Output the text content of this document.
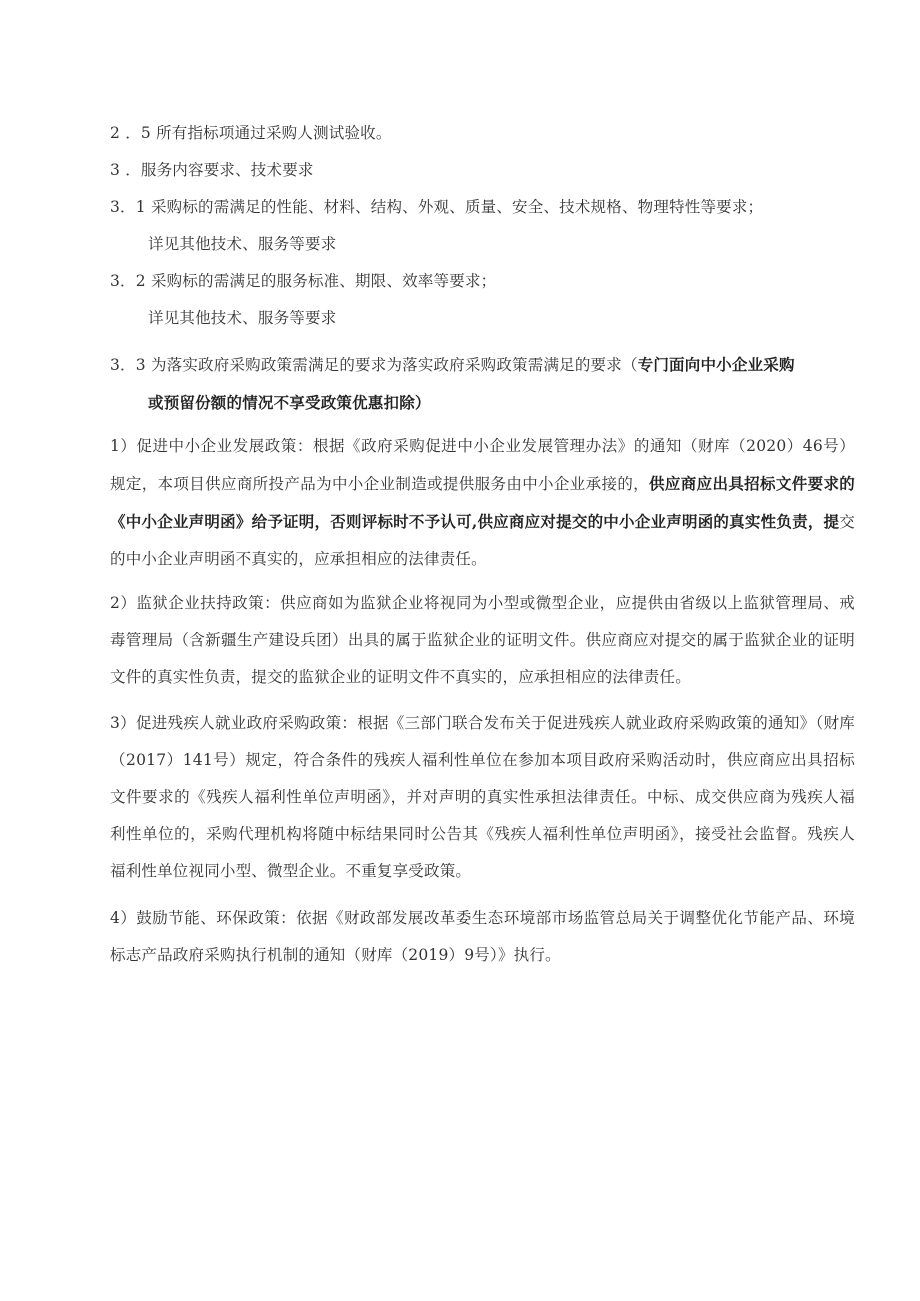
2 ．5 所有指标项通过采购人测试验收。
3 ．服务内容要求、技术要求
3．1 采购标的需满足的性能、材料、结构、外观、质量、安全、技术规格、物理特性等要求；
详见其他技术、服务等要求
3．2 采购标的需满足的服务标准、期限、效率等要求；
详见其他技术、服务等要求
3．3 为落实政府采购政策需满足的要求为落实政府采购政策需满足的要求（专门面向中小企业采购
或预留份额的情况不享受政策优惠扣除）
1）促进中小企业发展政策：根据《政府采购促进中小企业发展管理办法》的通知（财库（2020）46号）规定，本项目供应商所投产品为中小企业制造或提供服务由中小企业承接的，供应商应出具招标文件要求的《中小企业声明函》给予证明，否则评标时不予认可,供应商应对提交的中小企业声明函的真实性负责，提交的中小企业声明函不真实的，应承担相应的法律责任。
2）监狱企业扶持政策：供应商如为监狱企业将视同为小型或微型企业，应提供由省级以上监狱管理局、戒毒管理局（含新疆生产建设兵团）出具的属于监狱企业的证明文件。供应商应对提交的属于监狱企业的证明文件的真实性负责，提交的监狱企业的证明文件不真实的，应承担相应的法律责任。
3）促进残疾人就业政府采购政策：根据《三部门联合发布关于促进残疾人就业政府采购政策的通知》（财库（2017）141号）规定，符合条件的残疾人福利性单位在参加本项目政府采购活动时，供应商应出具招标文件要求的《残疾人福利性单位声明函》，并对声明的真实性承担法律责任。中标、成交供应商为残疾人福利性单位的，采购代理机构将随中标结果同时公告其《残疾人福利性单位声明函》，接受社会监督。残疾人福利性单位视同小型、微型企业。不重复享受政策。
4）鼓励节能、环保政策：依据《财政部发展改革委生态环境部市场监管总局关于调整优化节能产品、环境标志产品政府采购执行机制的通知（财库（2019）9号）》执行。
